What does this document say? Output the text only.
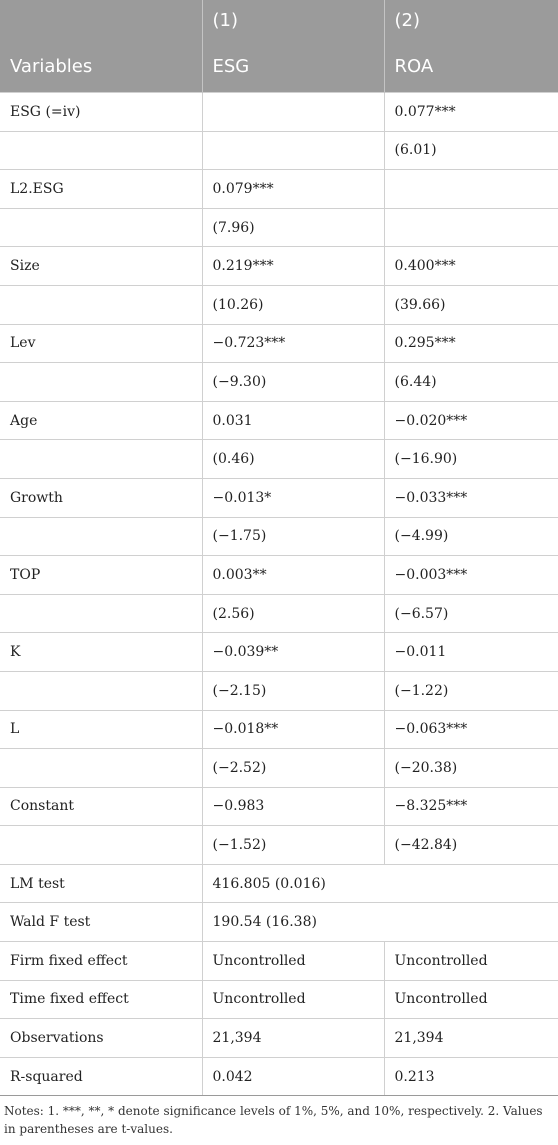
	(1)	(2)
Variables	ESG	ROA
ESG (=iv)		0.077***
		(6.01)
L2.ESG	0.079***	
	(7.96)	
Size	0.219***	0.400***
	(10.26)	(39.66)
Lev	−0.723***	0.295***
	(−9.30)	(6.44)
Age	0.031	−0.020***
	(0.46)	(−16.90)
Growth	−0.013*	−0.033***
	(−1.75)	(−4.99)
TOP	0.003**	−0.003***
	(2.56)	(−6.57)
K	−0.039**	−0.011
	(−2.15)	(−1.22)
L	−0.018**	−0.063***
	(−2.52)	(−20.38)
Constant	−0.983	−8.325***
	(−1.52)	(−42.84)
LM test	416.805 (0.016)	
Wald F test	190.54 (16.38)	
Firm fixed effect	Uncontrolled	Uncontrolled
Time fixed effect	Uncontrolled	Uncontrolled
Observations	21,394	21,394
R-squared	0.042	0.213
Notes: 1. ***, **, * denote significance levels of 1%, 5%, and 10%, respectively. 2. Values in parentheses are t-values.
